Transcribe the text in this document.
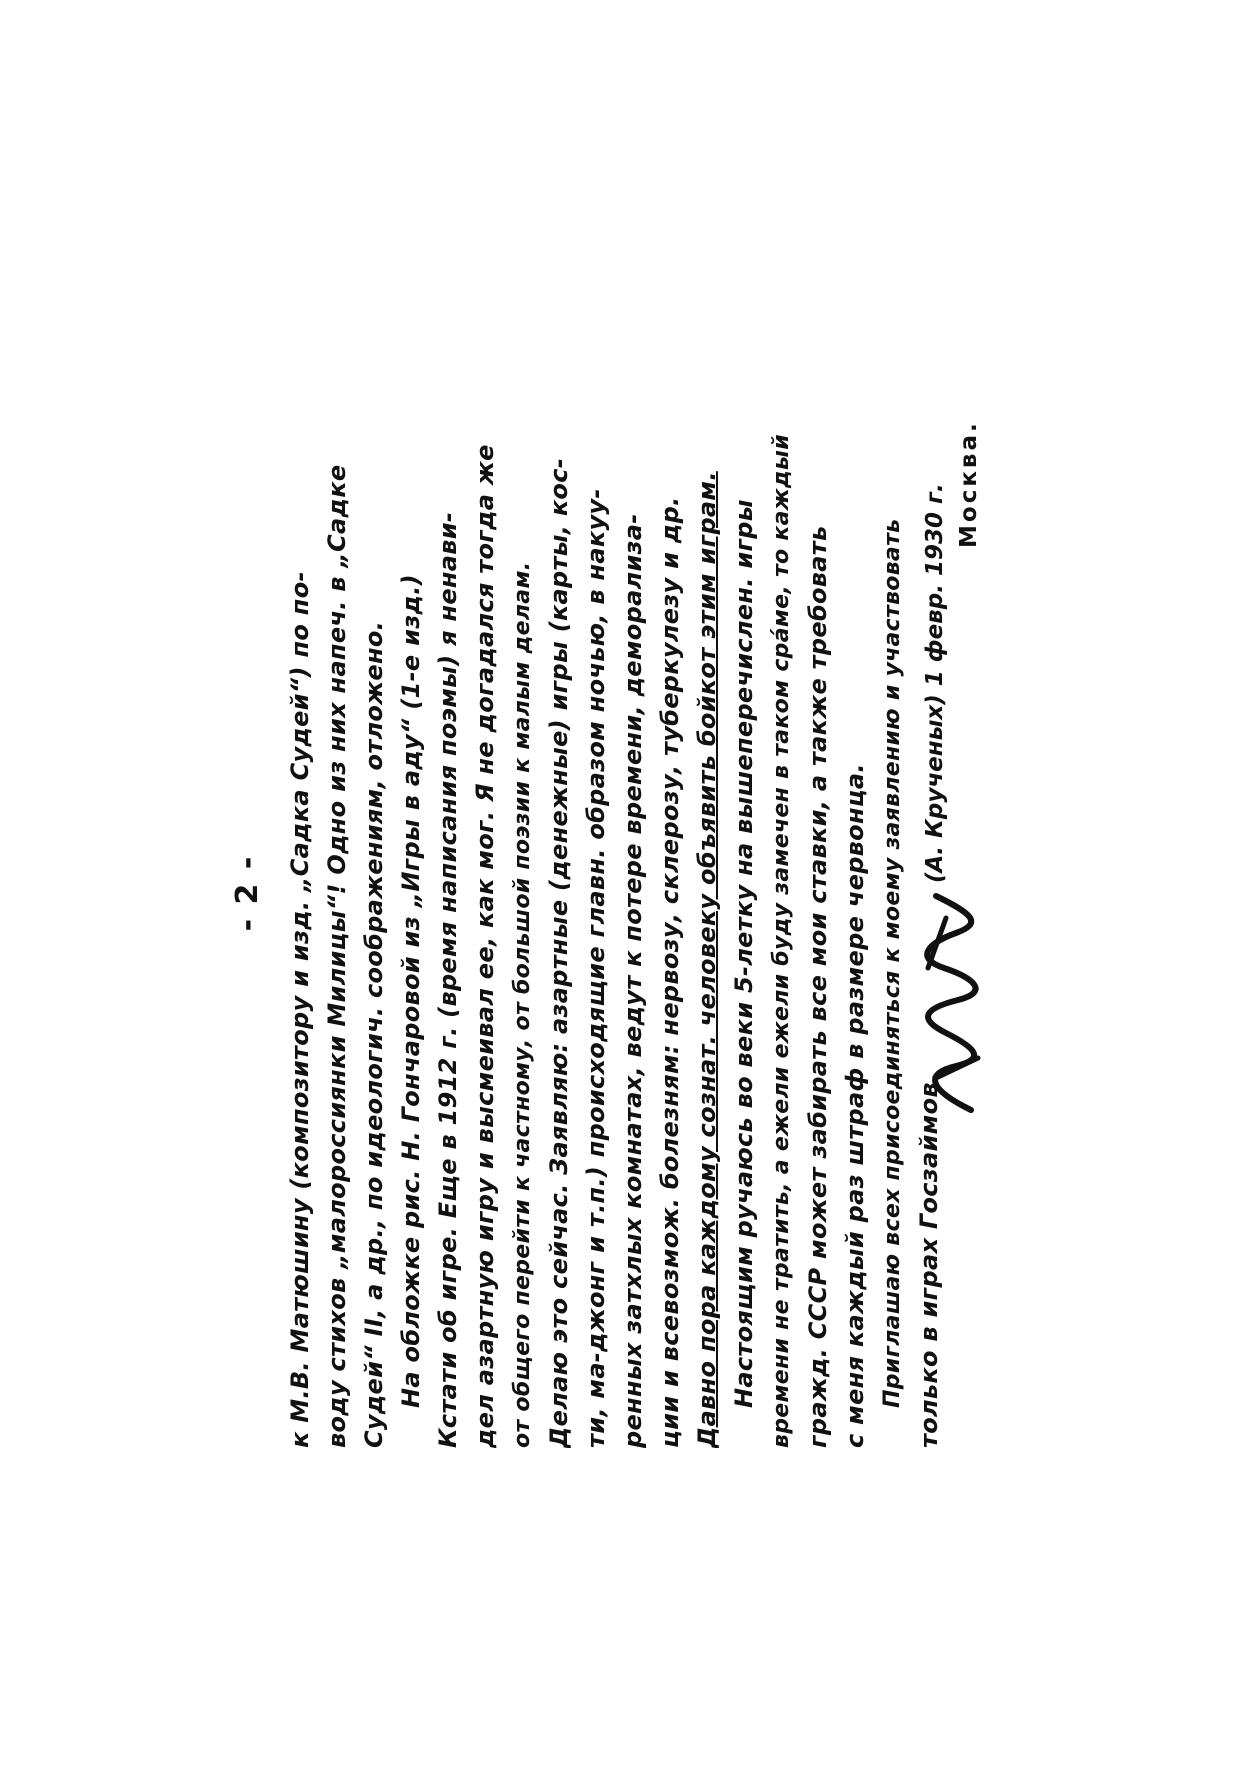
- 2 - к М.В. Матюшину (композитору и изд. „Садка Судей“) по по- воду стихов „малороссиянки Милицы“! Одно из них напеч. в „Садке Судей“ II, а др., по идеологич. соображениям, отложено. На обложке рис. Н. Гончаровой из „Игры в аду“ (1-е изд.) Кстати об игре. Еще в 1912 г. (время написания поэмы) я ненави- дел азартную игру и высмеивал ее, как мог. Я не догадался тогда же от общего перейти к частному, от большой поэзии к малым делам. Делаю это сейчас. Заявляю: азартные (денежные) игры (карты, кос- ти, ма-джонг и т.п.) происходящие главн. образом ночью, в накуу- ренных затхлых комнатах, ведут к потере времени, деморализа- ции и всевозмож. болезням: нервозу, склерозу, туберкулезу и др. Давно пора каждому сознат. человеку объявить бойкот этим играм. Настоящим ручаюсь во веки 5-летку на вышеперечислен. игры времени не тратить, а ежели ежели буду замечен в таком срáме, то каждый гражд. СССР может забирать все мои ставки, а также требовать с меня каждый раз штраф в размере червонца. Приглашаю всех присоединяться к моему заявлению и участвовать только в играх Госзаймов.
(А. Крученых) 1 февр. 1930 г. Москва.
